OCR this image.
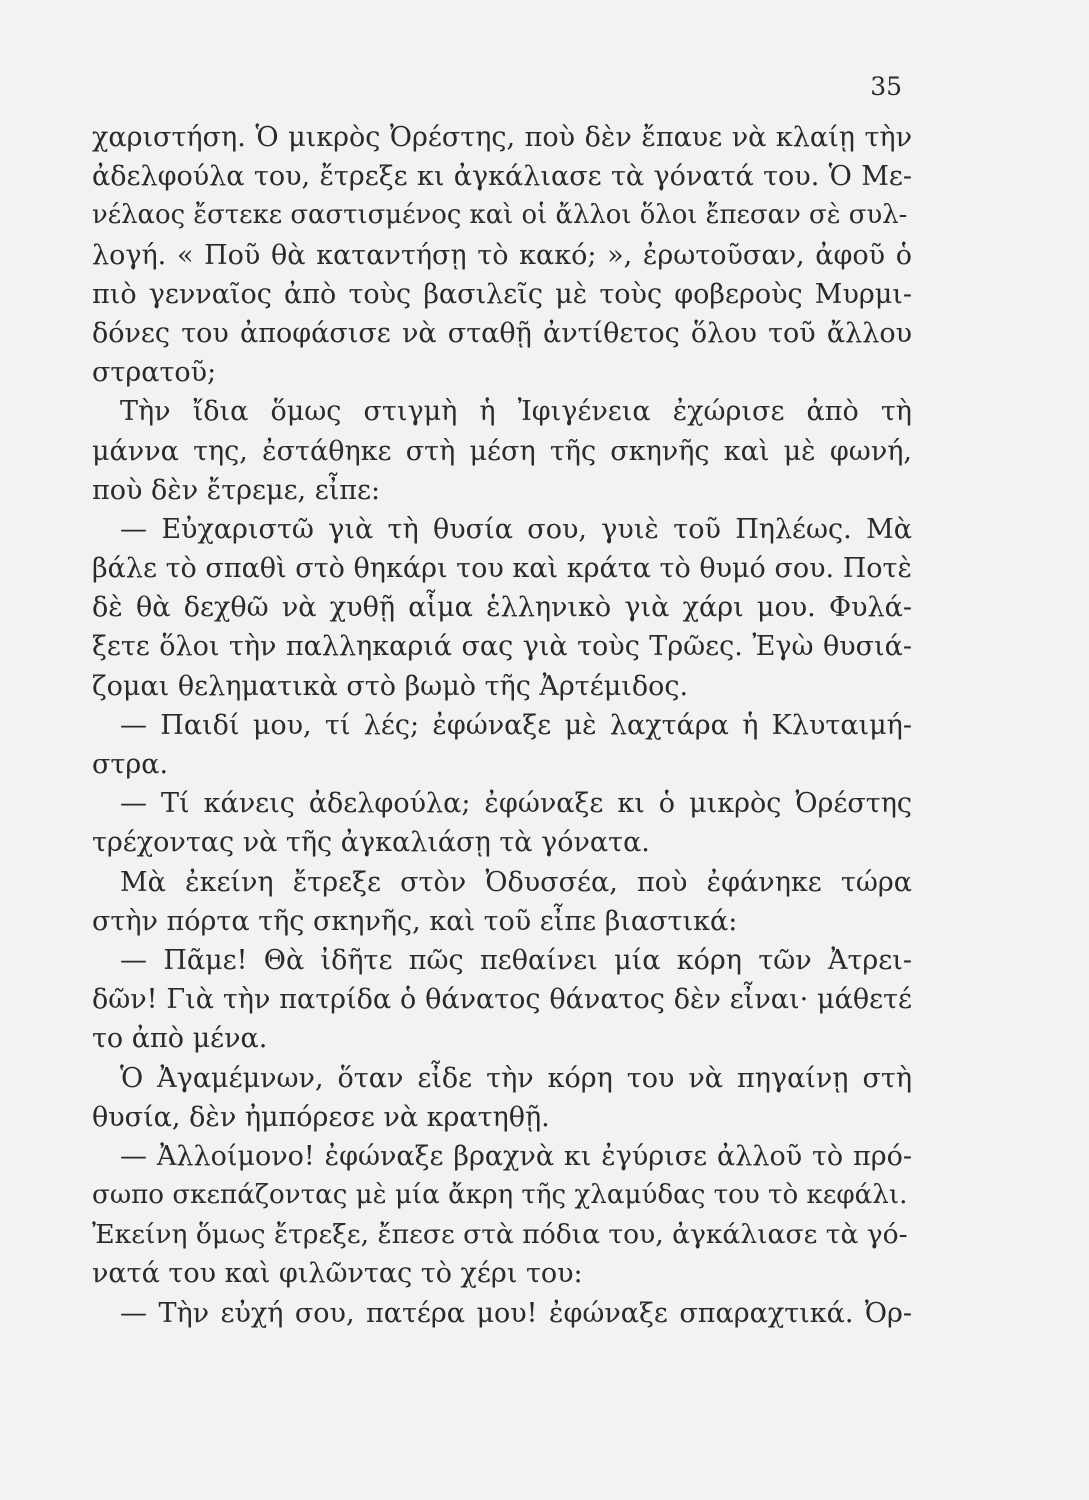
35
χαριστήση. Ὁ μικρὸς Ὀρέστης, ποὺ δὲν ἔπαυε νὰ κλαίῃ τὴν
ἀδελφούλα του, ἔτρεξε κι ἀγκάλιασε τὰ γόνατά του. Ὁ Με-
νέλαος ἔστεκε σαστισμένος καὶ οἱ ἄλλοι ὅλοι ἔπεσαν σὲ συλ-
λογή. « Ποῦ θὰ καταντήσῃ τὸ κακό; », ἐρωτοῦσαν, ἀφοῦ ὁ
πιὸ γενναῖος ἀπὸ τοὺς βασιλεῖς μὲ τοὺς φοβεροὺς Μυρμι-
δόνες του ἀποφάσισε νὰ σταθῇ ἀντίθετος ὅλου τοῦ ἄλλου
στρατοῦ;
Τὴν ἴδια ὅμως στιγμὴ ἡ Ἰφιγένεια ἐχώρισε ἀπὸ τὴ
μάννα της, ἐστάθηκε στὴ μέση τῆς σκηνῆς καὶ μὲ φωνή,
ποὺ δὲν ἔτρεμε, εἶπε:
— Εὐχαριστῶ γιὰ τὴ θυσία σου, γυιὲ τοῦ Πηλέως. Μὰ
βάλε τὸ σπαθὶ στὸ θηκάρι του καὶ κράτα τὸ θυμό σου. Ποτὲ
δὲ θὰ δεχθῶ νὰ χυθῇ αἷμα ἑλληνικὸ γιὰ χάρι μου. Φυλά-
ξετε ὅλοι τὴν παλληκαριά σας γιὰ τοὺς Τρῶες. Ἐγὼ θυσιά-
ζομαι θεληματικὰ στὸ βωμὸ τῆς Ἀρτέμιδος.
— Παιδί μου, τί λές; ἐφώναξε μὲ λαχτάρα ἡ Κλυταιμή-
στρα.
— Τί κάνεις ἀδελφούλα; ἐφώναξε κι ὁ μικρὸς Ὀρέστης
τρέχοντας νὰ τῆς ἀγκαλιάσῃ τὰ γόνατα.
Μὰ ἐκείνη ἔτρεξε στὸν Ὀδυσσέα, ποὺ ἐφάνηκε τώρα
στὴν πόρτα τῆς σκηνῆς, καὶ τοῦ εἶπε βιαστικά:
— Πᾶμε! Θὰ ἰδῆτε πῶς πεθαίνει μία κόρη τῶν Ἀτρει-
δῶν! Γιὰ τὴν πατρίδα ὁ θάνατος θάνατος δὲν εἶναι· μάθετέ
το ἀπὸ μένα.
Ὁ Ἀγαμέμνων, ὅταν εἶδε τὴν κόρη του νὰ πηγαίνῃ στὴ
θυσία, δὲν ἠμπόρεσε νὰ κρατηθῇ.
— Ἀλλοίμονο! ἐφώναξε βραχνὰ κι ἐγύρισε ἀλλοῦ τὸ πρό-
σωπο σκεπάζοντας μὲ μία ἄκρη τῆς χλαμύδας του τὸ κεφάλι.
Ἐκείνη ὅμως ἔτρεξε, ἔπεσε στὰ πόδια του, ἀγκάλιασε τὰ γό-
νατά του καὶ φιλῶντας τὸ χέρι του:
— Τὴν εὐχή σου, πατέρα μου! ἐφώναξε σπαραχτικά. Ὀρ-
